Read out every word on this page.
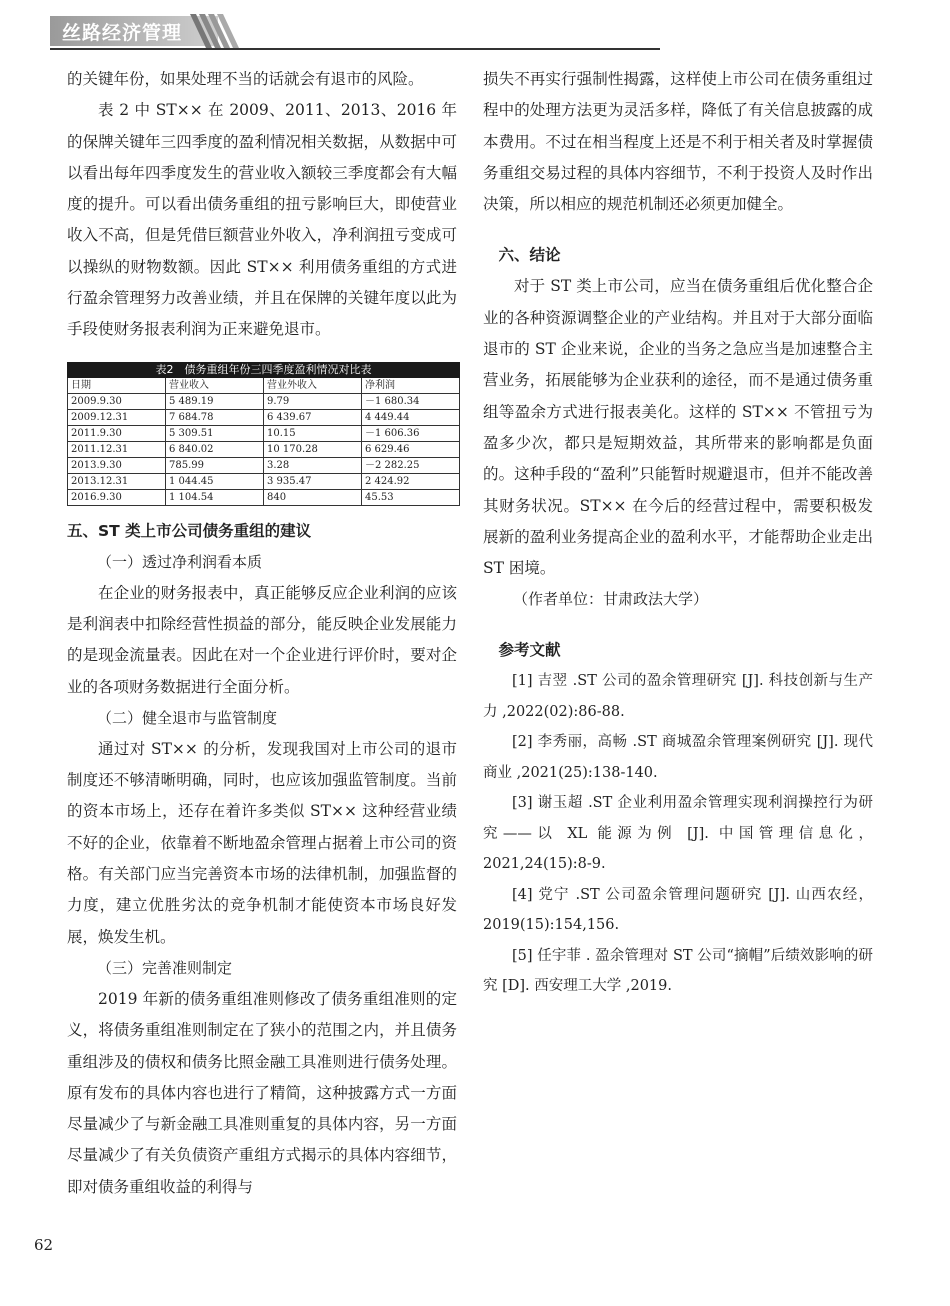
丝路经济管理

的关键年份，如果处理不当的话就会有退市的风险。

表 2 中 ST×× 在 2009、2011、2013、2016 年的保牌关键年三四季度的盈利情况相关数据，从数据中可以看出每年四季度发生的营业收入额较三季度都会有大幅度的提升。可以看出债务重组的扭亏影响巨大，即使营业收入不高，但是凭借巨额营业外收入，净利润扭亏变成可以操纵的财物数额。因此 ST×× 利用债务重组的方式进行盈余管理努力改善业绩，并且在保牌的关键年度以此为手段使财务报表利润为正来避免退市。

表2　债务重组年份三四季度盈利情况对比表
日期	营业收入	营业外收入	净利润
2009.9.30	5 489.19	9.79	－1 680.34
2009.12.31	7 684.78	6 439.67	4 449.44
2011.9.30	5 309.51	10.15	－1 606.36
2011.12.31	6 840.02	10 170.28	6 629.46
2013.9.30	785.99	3.28	－2 282.25
2013.12.31	1 044.45	3 935.47	2 424.92
2016.9.30	1 104.54	840	45.53
五、ST 类上市公司债务重组的建议
（一）透过净利润看本质

在企业的财务报表中，真正能够反应企业利润的应该是利润表中扣除经营性损益的部分，能反映企业发展能力的是现金流量表。因此在对一个企业进行评价时，要对企业的各项财务数据进行全面分析。

（二）健全退市与监管制度

通过对 ST×× 的分析，发现我国对上市公司的退市制度还不够清晰明确，同时，也应该加强监管制度。当前的资本市场上，还存在着许多类似 ST×× 这种经营业绩不好的企业，依靠着不断地盈余管理占据着上市公司的资格。有关部门应当完善资本市场的法律机制，加强监督的力度，建立优胜劣汰的竞争机制才能使资本市场良好发展，焕发生机。

（三）完善准则制定

2019 年新的债务重组准则修改了债务重组准则的定义，将债务重组准则制定在了狭小的范围之内，并且债务重组涉及的债权和债务比照金融工具准则进行债务处理。原有发布的具体内容也进行了精简，这种披露方式一方面尽量减少了与新金融工具准则重复的具体内容，另一方面尽量减少了有关负债资产重组方式揭示的具体内容细节，即对债务重组收益的利得与

损失不再实行强制性揭露，这样使上市公司在债务重组过程中的处理方法更为灵活多样，降低了有关信息披露的成本费用。不过在相当程度上还是不利于相关者及时掌握债务重组交易过程的具体内容细节，不利于投资人及时作出决策，所以相应的规范机制还必须更加健全。

六、结论

对于 ST 类上市公司，应当在债务重组后优化整合企业的各种资源调整企业的产业结构。并且对于大部分面临退市的 ST 企业来说，企业的当务之急应当是加速整合主营业务，拓展能够为企业获利的途径，而不是通过债务重组等盈余方式进行报表美化。这样的 ST×× 不管扭亏为盈多少次，都只是短期效益，其所带来的影响都是负面的。这种手段的“盈利”只能暂时规避退市，但并不能改善其财务状况。ST×× 在今后的经营过程中，需要积极发展新的盈利业务提高企业的盈利水平，才能帮助企业走出 ST 困境。

（作者单位：甘肃政法大学）

参考文献

[1] 吉翌 .ST 公司的盈余管理研究 [J]. 科技创新与生产力 ,2022(02):86-88.

[2] 李秀丽，高畅 .ST 商城盈余管理案例研究 [J]. 现代商业 ,2021(25):138-140.

[3] 谢玉超 .ST 企业利用盈余管理实现利润操控行为研究——以 XL 能源为例 [J]. 中国管理信息化，2021,24(15):8-9.

[4] 党宁 .ST 公司盈余管理问题研究 [J]. 山西农经，2019(15):154,156.

[5] 任宇菲 . 盈余管理对 ST 公司“摘帽”后绩效影响的研究 [D]. 西安理工大学 ,2019.

62
